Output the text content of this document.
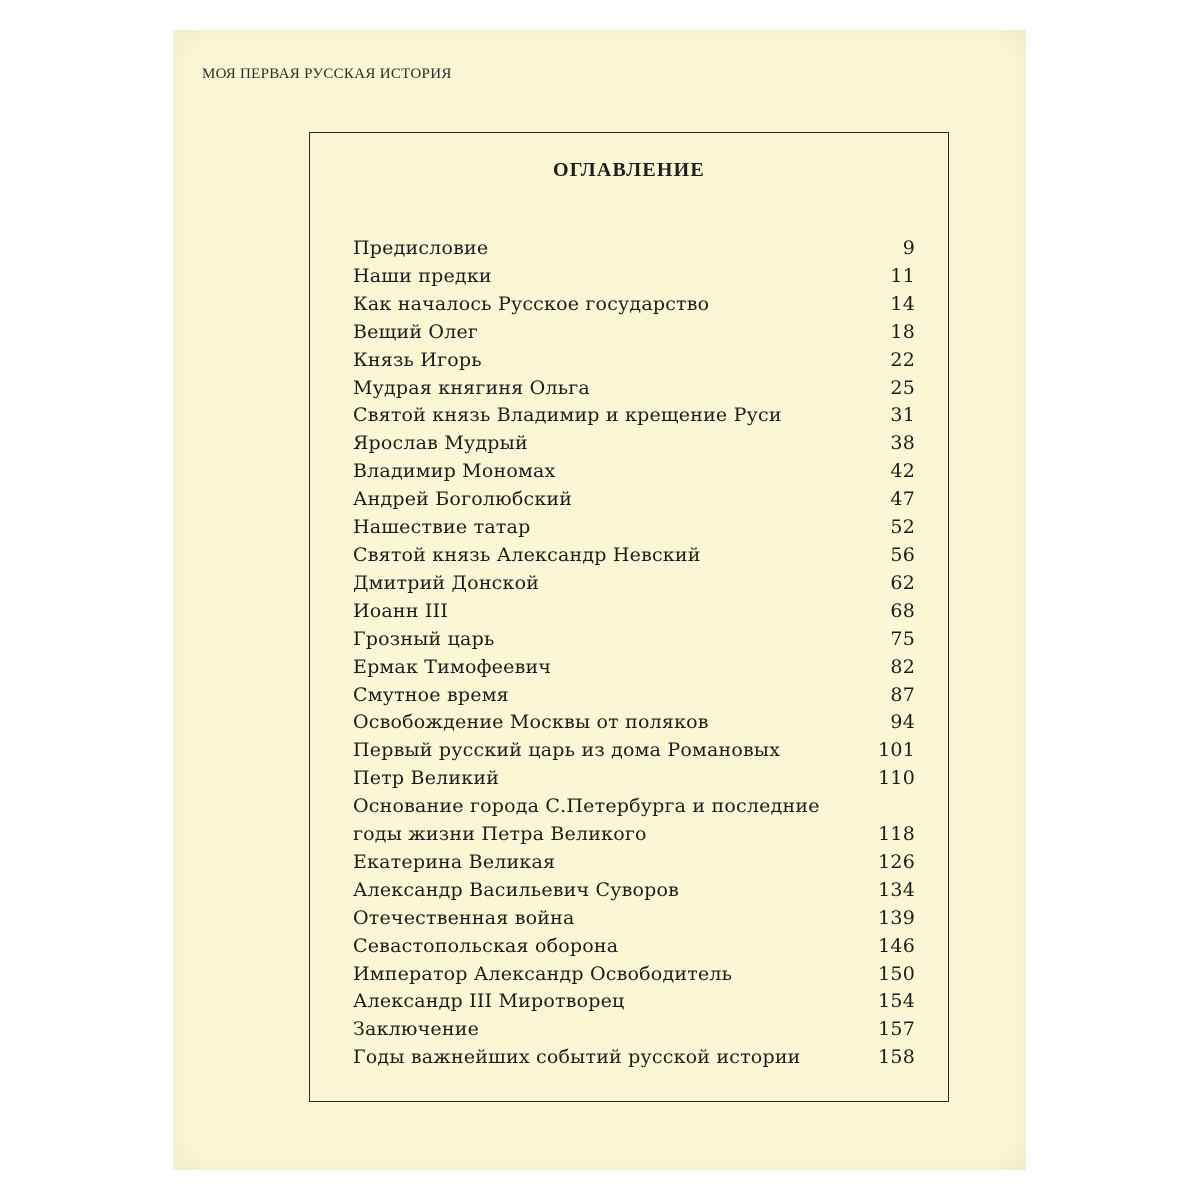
МОЯ ПЕРВАЯ РУССКАЯ ИСТОРИЯ
ОГЛАВЛЕНИЕ
Предисловие	9
Наши предки	11
Как началось Русское государство	14
Вещий Олег	18
Князь Игорь	22
Мудрая княгиня Ольга	25
Святой князь Владимир и крещение Руси	31
Ярослав Мудрый	38
Владимир Мономах	42
Андрей Боголюбский	47
Нашествие татар	52
Святой князь Александр Невский	56
Дмитрий Донской	62
Иоанн III	68
Грозный царь	75
Ермак Тимофеевич	82
Смутное время	87
Освобождение Москвы от поляков	94
Первый русский царь из дома Романовых	101
Петр Великий	110
Основание города С.Петербурга и последние
годы жизни Петра Великого	118
Екатерина Великая	126
Александр Васильевич Суворов	134
Отечественная война	139
Севастопольская оборона	146
Император Александр Освободитель	150
Александр III Миротворец	154
Заключение	157
Годы важнейших событий русской истории	158
